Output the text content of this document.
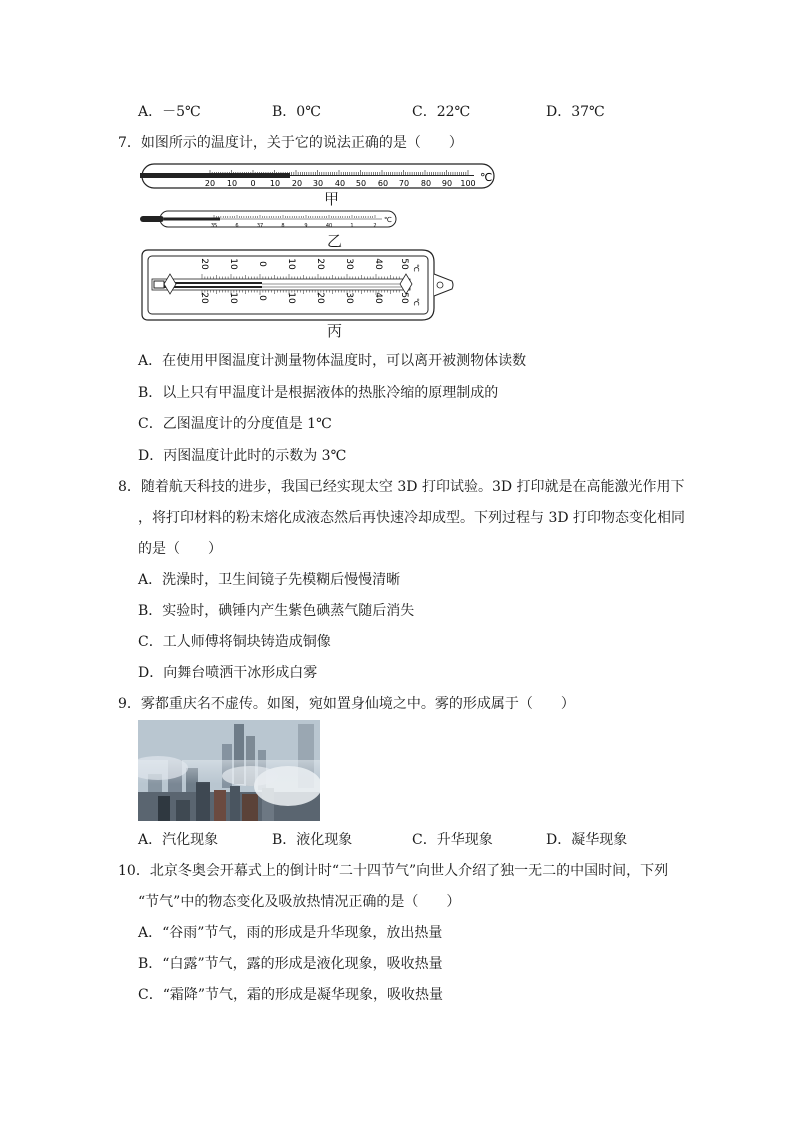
A．－5℃	B．0℃	C．22℃	D．37℃
7．如图所示的温度计，关于它的说法正确的是（　　）
20 10 0 10 20 30 40 50 60 70 80 90 100 ℃
甲
35	6	37	8	9	40	1	2
℃
乙
20 10 0 10 20 30 40 50 ℃
20 10 0 10 20 30 40 50 ℃
丙
A．在使用甲图温度计测量物体温度时，可以离开被测物体读数
B．以上只有甲温度计是根据液体的热胀冷缩的原理制成的
C．乙图温度计的分度值是 1℃
D．丙图温度计此时的示数为 3℃
8．随着航天科技的进步，我国已经实现太空 3D 打印试验。3D 打印就是在高能激光作用下
，将打印材料的粉末熔化成液态然后再快速冷却成型。下列过程与 3D 打印物态变化相同
的是（　　）
A．洗澡时，卫生间镜子先模糊后慢慢清晰
B．实验时，碘锤内产生紫色碘蒸气随后消失
C．工人师傅将铜块铸造成铜像
D．向舞台喷洒干冰形成白雾
9．雾都重庆名不虚传。如图，宛如置身仙境之中。雾的形成属于（　　）
A．汽化现象	B．液化现象	C．升华现象	D．凝华现象
10．北京冬奥会开幕式上的倒计时“二十四节气”向世人介绍了独一无二的中国时间，下列
“节气”中的物态变化及吸放热情况正确的是（　　）
A．“谷雨”节气，雨的形成是升华现象，放出热量
B．“白露”节气，露的形成是液化现象，吸收热量
C．“霜降”节气，霜的形成是凝华现象，吸收热量
